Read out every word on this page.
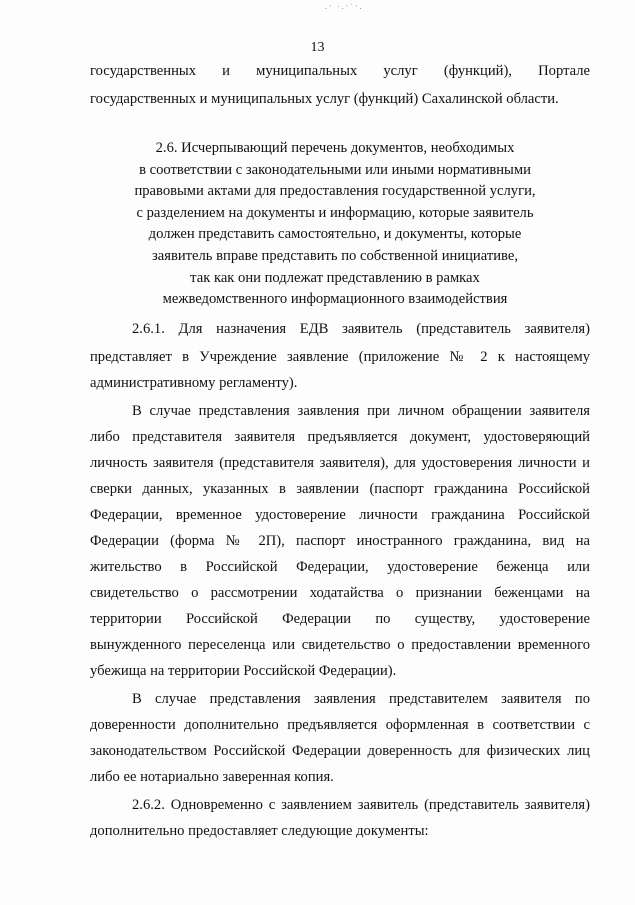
.· ∙.·˙·.
13
государственных и муниципальных услуг (функций), Портале
государственных и муниципальных услуг (функций) Сахалинской области.
2.6. Исчерпывающий перечень документов, необходимых
в соответствии с законодательными или иными нормативными
правовыми актами для предоставления государственной услуги,
с разделением на документы и информацию, которые заявитель
должен представить самостоятельно, и документы, которые
заявитель вправе представить по собственной инициативе,
так как они подлежат представлению в рамках
межведомственного информационного взаимодействия
2.6.1. Для назначения ЕДВ заявитель (представитель заявителя)
представляет в Учреждение заявление (приложение № 2 к настоящему
административному регламенту).
В случае представления заявления при личном обращении заявителя
либо представителя заявителя предъявляется документ, удостоверяющий
личность заявителя (представителя заявителя), для удостоверения личности и
сверки данных, указанных в заявлении (паспорт гражданина Российской
Федерации, временное удостоверение личности гражданина Российской
Федерации (форма № 2П), паспорт иностранного гражданина, вид на
жительство в Российской Федерации, удостоверение беженца или
свидетельство о рассмотрении ходатайства о признании беженцами на
территории Российской Федерации по существу, удостоверение
вынужденного переселенца или свидетельство о предоставлении временного
убежища на территории Российской Федерации).
В случае представления заявления представителем заявителя по
доверенности дополнительно предъявляется оформленная в соответствии с
законодательством Российской Федерации доверенность для физических лиц
либо ее нотариально заверенная копия.
2.6.2. Одновременно с заявлением заявитель (представитель заявителя)
дополнительно предоставляет следующие документы:
